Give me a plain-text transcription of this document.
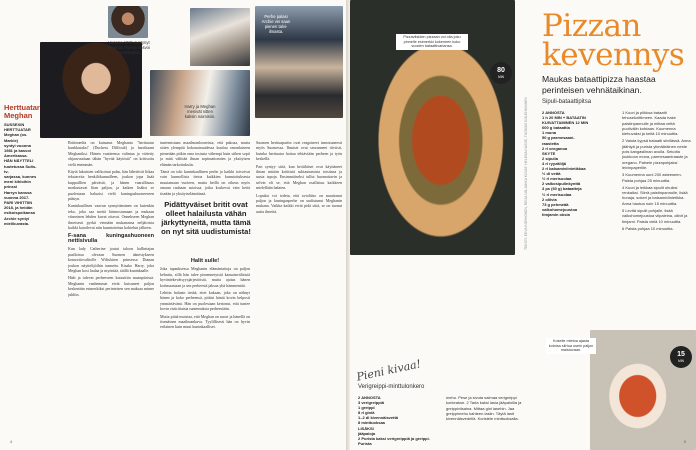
Vuonna 1981 syntynyt Meghan Markle kasvoi Amerikassa.
Perhe palasi Archie vei saan pienen talvi- ilmasta.
Harry ja Meghan menivät sitten kaksin naimisiin.
Herttuatar Meghan
SUSSEXIN
HERTTUATAR
Meghan (os. Markle)
syntyi vuonna
1981 ja kasvoi
Amerikassa.
HÄN NÄYTTELI
tuotetussa Suits-tv-
sarjassa, kunnes
meni kihloihin prinssi
Harryn kanssa
vuonna 2017.
PARI VIHITTIIN
2018, ja heidän
esikoispoikansa
Archie syntyi
mielikuvasta.

Brittimedia on kutsunut Meghania "herttuatar kunkkuiaksi" (Duchess Difficult) ja harrikaani Meghaniksi. Hänen vaatteensa valintaa ja väitetty ohjaavuuttaan tähän "hyvää käytöstä" on kritisoitu vielä enemmän.

Käytä lukuisten valikoinut palas, hän lähettivät liikaa tekstareita henkilökunnalleen, joukon jopa lisää kuppaillien päiväsiä, ja hänen vaarallisuus matkustavat liian paljon, ja kaiken lisäksi se puolestaan haluaisi vielä kuningashuoneeseen pääsyn.

Kuninkaallisen vaavan synnyttäminen on kutenkin teko, joka saa meitä kiinnostamaan ja mukaan viimeinen lehden kuvat ottavat. Onnekseen Meghan ilmeisesti pyrkii viemään mukanansa neljätoista kaikki katoilevat niin kunnioitetun kohtelun jälkeen.

F-sana kuningashuoneen nettisivulla

Kun lady Catherine joutui taloon hallintajan paalloissa olevaan Suomen äänestykseen konsortiovaltiolle Wiltshiren prinsessa Dianan joukon näyttelijöihin tunnettu Kisako Harry, joka Meghan kosi laulaa ja myöntää, täällä kuninkaalle.

Häät ja tulevat perheeseen kutsuttiin maanpiirissä. Meghanin vanhemmat eivät kutsuneet paljon keskenään esimerkiksi perinteisen sen maksaa minne juhliin.

Pidättyväiset britit ovat olleet halailusta vähän järkyttyneitä, mutta tämä on nyt sitä uudistumista!

tuntemistaan maailmanlooneista, että pakoaa, mutta sitten ylempää kokonaisuudessa kuuluu omanlaiseen pienetään pitkin oma tosiasia vähempi kuin siihen sopii ja mitä välittää ilman sopimattomien ja yksityisen elämän tarkoituksiin.

Tämä on toki kuninkaallinen perhe ja kaikki toivoivat vain kunnollista tietoa kaikkien kunnioituksesta muutamaan vuoteen, mutta heillä on oikeus myös omaan rauhaan asioissa, jotka koskevat vain heitä itseään ja yksityiselämäänsä.

Halit sulle!

Joka tapauksessa Meghanin elämäntaitoja on paljon kehuttu, sillä hän tulee pimennetyistä kansainvälisistä hyväntekeväisyysjärjestöistä, mutta ajatus hänen kotimaastaan ja sen perheestä jaksaa yhä hämmentää.

Lehtiin halusin tietää, ettei kukaan, joka on nähnyt hänen ja koko perheensä, pitäisi häntä kovin helposti ymmärtävänä. Hän on puolestaan kertonut, että tuntee kovin ristiriitaisia tuntemuksia perheestään.

Mutta pitää muistaa, että Meghan on nuori ja hänellä on itsenäinen maailmankuva. Tyylillisesti hän on hyvin erilainen kuin muut kuninkaalliset.

Suomen herttuapariin ovat reagoineet innostuneesti myös Suomessa. Ihmiset ovat seuranneet tiiviisti, kuinka herttuatar hoitaa tehtäviään perheen ja työn keskellä.

Pari syntyy siitä, kun brittiläiset ovat käyttäneet ilman mitään kriittistä suhtautumista toisiinsa ja uusia tapoja. Ensimmäiseksi tullut huomattavin ja selvin oli se, että Meghan osallistuu kaikkeen mielellään halaten.

Lopuksi voi todeta, että avioliitto on muuttanut paljon ja kuningasperhe on uudistunut Meghanin mukana. Vaikka kaikki eivät pidä siitä, se on tuonut uutta ilmettä.

4
Pizzavitsiden pizzaan voi olla joku pinnelle esimerkki kokeneen koko vuoden bataattivariansa.
80
MIN
TEKSTI: EEVA KORHONEN, REIJA VALJAKKA KUVAT: HELENA HASSE, TUOMAS KOLEHMAINEN
Pizzan
kevennys
Maukas bataattipizza haastaa perinteisen vehnätaikinan.
Sipuli-bataattipitsa
2 ANNOSTA
1 h 20 MIN + BATAATIN
KUIVATTAMINEN 12 MIN
600 g bataattia
1 muna
50 g parmesaani-
raastetta
2 rl oreganoa
SKYTE
2 sipulia
4 rl ryyzäliljä
2 rl balsamiviinietikkaa
½ dl vettä
½ rl merisuolaa
2 valkosipulinkynttä
3 ps (60 g) bataatteja
½ rl merisuolaa
2 oliivia
73 g pehmeää
valkohomejuustoa
timjamin oksia

1 Kuori ja pilkkoa bataatti tehosekoittimeen. Kaada hake paistinpannulle ja mittaa vettä puolivälin kohtaan. Kuumenna kiehuvaksi ja keitä 10 minuuttia.

2 Valuta kypsä bataatti siivilässä. Anna jäähtyä ja purista ylimääräinen neste pois kangasliinan avulla. Sekoita joukkoon muna, parmesaaniraaste ja oregano. Painele pizzapohjaksi leivinpaperille.

3 Kuumenna uuni 200 asteeseen. Paista pohjaa 25 minuuttia.

4 Kuori ja leikkaa sipulit ohuiksi renkaiksi. Siirrä paistinpannulle, lisää hunaja, sokeri ja balsamiviinietikka. Anna hautua noin 15 minuuttia.

5 Levitä sipulit pohjalle, lisää valkohomejuustoa viipaleina, oliivit ja timjami. Paista vielä 10 minuuttia.

6 Paista pohjaa 10 minuuttia.

Kokeile mietoa ajasta kotoisa siirtoa usein paljon maistuvaan.
15
MIN
Pieni kivaa!
Verigreippi-minttulonkero
2 ANNOSTA
3 verigreippiä
1 greippi
8 rl giniä
1–2 dl kivennäisvettä
8 minttuoksaa
LISÄKSI
jääpaloja
2 Purista kaksi verigreippiä ja greippi. Purista
mehu. Pese ja sivuta saimaa verigreippi korkeakse. 2 Tarta kaksi lasia jääpaloilla ja greippiviisaina. Mittaa gini lasehin. Jaa greippimehu kahteen lasiin. Täytä lasit kivennäisvedellä. Koristele minttuoksalla.
5
